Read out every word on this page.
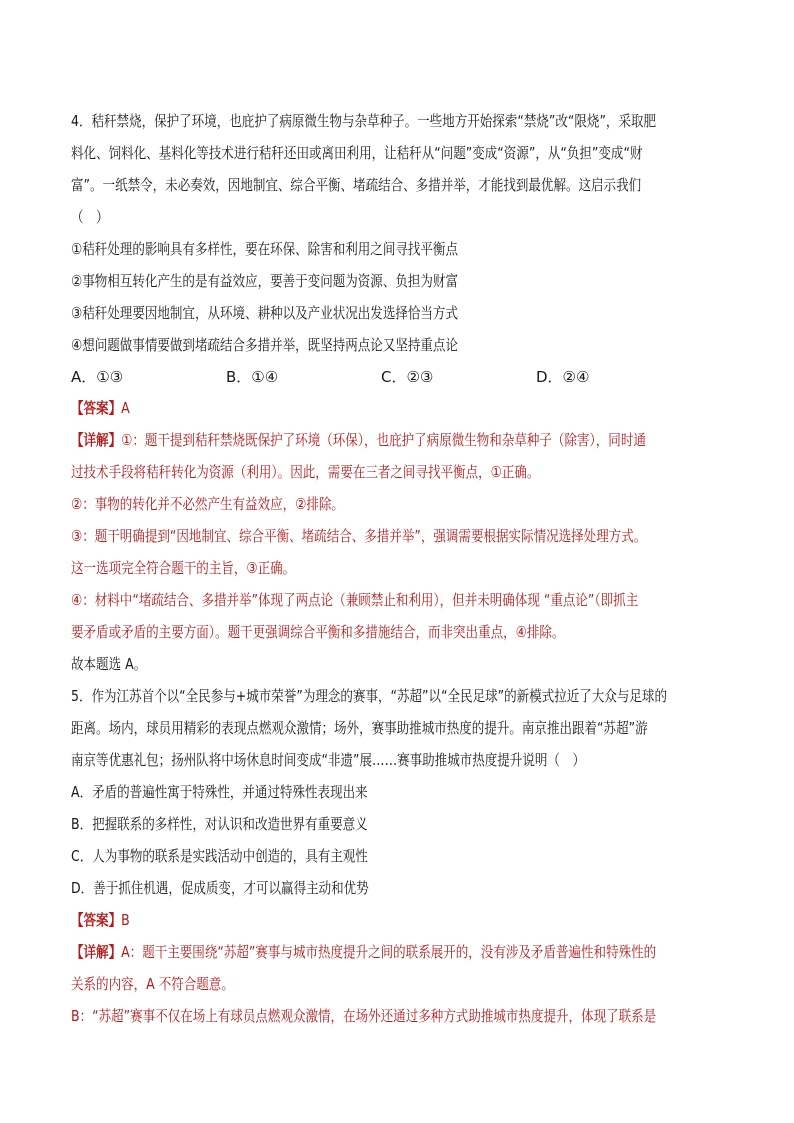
4．秸秆禁烧，保护了环境，也庇护了病原微生物与杂草种子。一些地方开始探索“禁烧”改“限烧”，采取肥
料化、饲料化、基料化等技术进行秸秆还田或离田利用，让秸秆从“问题”变成“资源”，从“负担”变成“财
富”。一纸禁令，未必奏效，因地制宜、综合平衡、堵疏结合、多措并举，才能找到最优解。这启示我们
（　）
①秸秆处理的影响具有多样性，要在环保、除害和利用之间寻找平衡点
②事物相互转化产生的是有益效应，要善于变问题为资源、负担为财富
③秸秆处理要因地制宜，从环境、耕种以及产业状况出发选择恰当方式
④想问题做事情要做到堵疏结合多措并举，既坚持两点论又坚持重点论
A．①③	B．①④	C．②③	D．②④
【答案】A
【详解】①：题干提到秸秆禁烧既保护了环境（环保），也庇护了病原微生物和杂草种子（除害），同时通
过技术手段将秸秆转化为资源（利用）。因此，需要在三者之间寻找平衡点，①正确。
②：事物的转化并不必然产生有益效应，②排除。
③：题干明确提到“因地制宜、综合平衡、堵疏结合、多措并举”，强调需要根据实际情况选择处理方式。
这一选项完全符合题干的主旨，③正确。
④：材料中“堵疏结合、多措并举”体现了两点论（兼顾禁止和利用），但并未明确体现 “重点论”（即抓主
要矛盾或矛盾的主要方面）。题干更强调综合平衡和多措施结合，而非突出重点，④排除。
故本题选 A。
5．作为江苏首个以“全民参与+城市荣誉”为理念的赛事，“苏超”以“全民足球”的新模式拉近了大众与足球的
距离。场内，球员用精彩的表现点燃观众激情；场外，赛事助推城市热度的提升。南京推出跟着“苏超”游
南京等优惠礼包；扬州队将中场休息时间变成“非遗”展……赛事助推城市热度提升说明（　）
A．矛盾的普遍性寓于特殊性，并通过特殊性表现出来
B．把握联系的多样性，对认识和改造世界有重要意义
C．人为事物的联系是实践活动中创造的，具有主观性
D．善于抓住机遇，促成质变，才可以赢得主动和优势
【答案】B
【详解】A：题干主要围绕“苏超”赛事与城市热度提升之间的联系展开的，没有涉及矛盾普遍性和特殊性的
关系的内容，A 不符合题意。
B：“苏超”赛事不仅在场上有球员点燃观众激情，在场外还通过多种方式助推城市热度提升，体现了联系是
